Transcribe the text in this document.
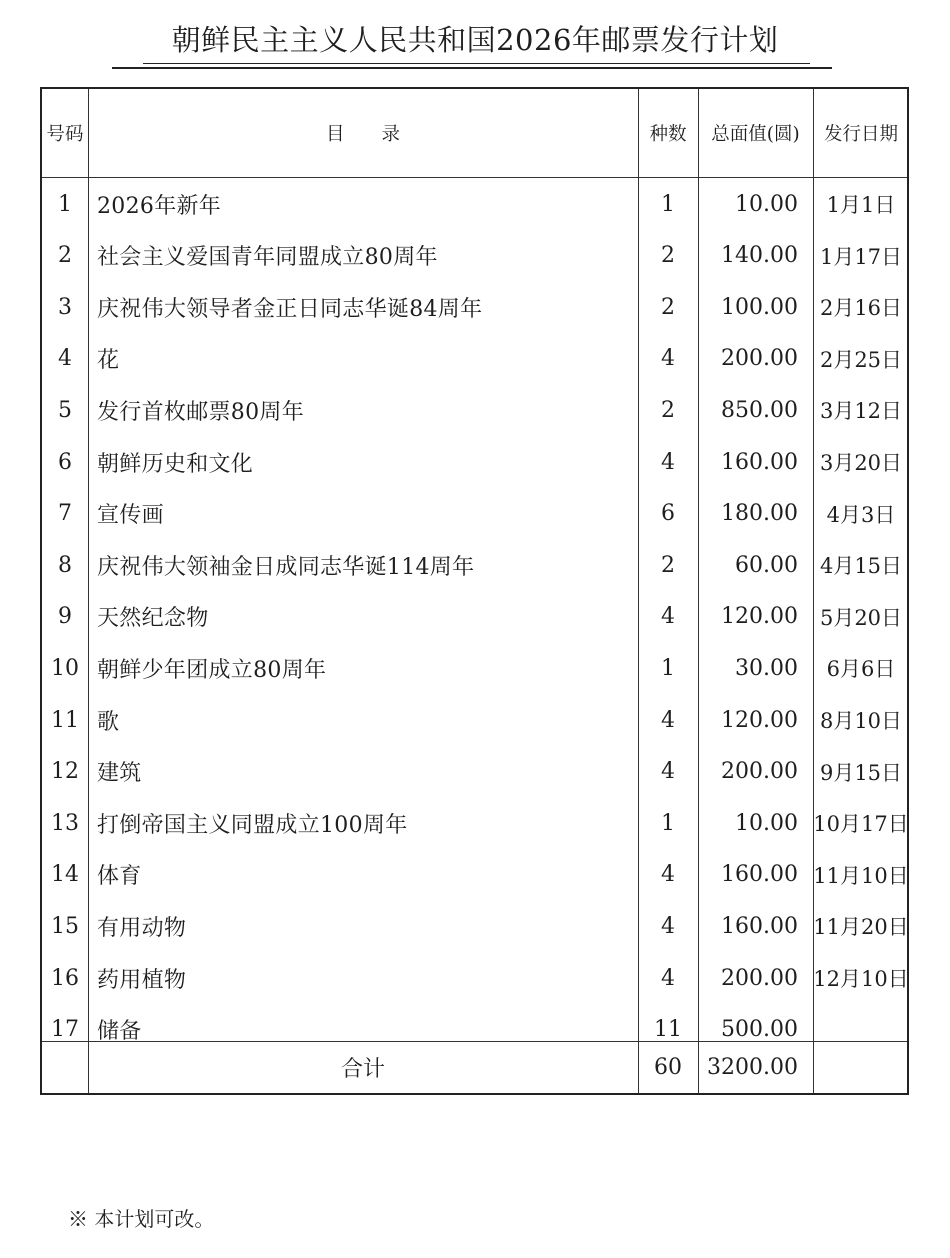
朝鲜民主主义人民共和国2026年邮票发行计划
号码	目　　录	种数	总面值(圆)	发行日期
1	2026年新年	1	10.00	1月1日
2	社会主义爱国青年同盟成立80周年	2	140.00	1月17日
3	庆祝伟大领导者金正日同志华诞84周年	2	100.00	2月16日
4	花	4	200.00	2月25日
5	发行首枚邮票80周年	2	850.00	3月12日
6	朝鲜历史和文化	4	160.00	3月20日
7	宣传画	6	180.00	4月3日
8	庆祝伟大领袖金日成同志华诞114周年	2	60.00	4月15日
9	天然纪念物	4	120.00	5月20日
10 朝鲜少年团成立80周年	1	30.00	6月6日
11 歌	4	120.00	8月10日
12 建筑	4	200.00	9月15日
13 打倒帝国主义同盟成立100周年	1	10.00 10月17日
14 体育	4	160.00 11月10日
15 有用动物	4	160.00 11月20日
16 药用植物	4	200.00 12月10日
17 储备	11	500.00
合计	60	3200.00
※ 本计划可改。
